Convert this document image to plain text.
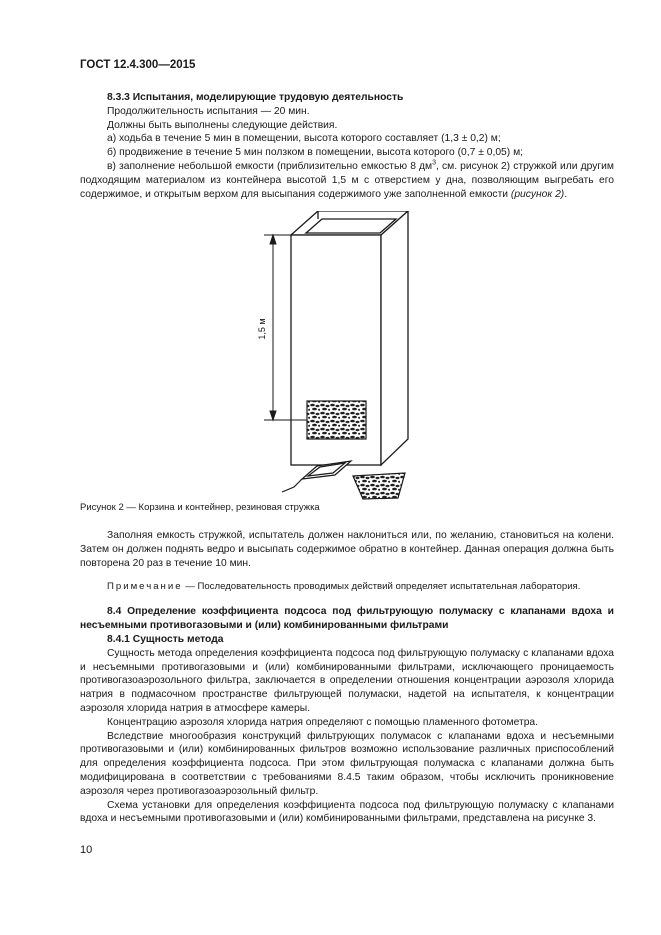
ГОСТ 12.4.300—2015

8.3.3 Испытания, моделирующие трудовую деятельность

Продолжительность испытания — 20 мин.

Должны быть выполнены следующие действия.

а) ходьба в течение 5 мин в помещении, высота которого составляет (1,3 ± 0,2) м;

б) продвижение в течение 5 мин ползком в помещении, высота которого (0,7 ± 0,05) м;

в) заполнение небольшой емкости (приблизительно емкостью 8 $дм^3$, см. рисунок 2) стружкой или другим подходящим материалом из контейнера высотой 1,5 м с отверстием у дна, позволяющим выгребать его содержимое, и открытым верхом для высыпания содержимого уже заполненной емкости (рисунок 2).

1,5 м

Рисунок 2 — Корзина и контейнер, резиновая стружка

Заполняя емкость стружкой, испытатель должен наклониться или, по желанию, становиться на колени. Затем он должен поднять ведро и высыпать содержимое обратно в контейнер. Данная операция должна быть повторена 20 раз в течение 10 мин.

Примечание — Последовательность проводимых действий определяет испытательная лаборатория.

8.4 Определение коэффициента подсоса под фильтрующую полумаску с клапанами вдоха и несъемными противогазовыми и (или) комбинированными фильтрами

8.4.1 Сущность метода

Сущность метода определения коэффициента подсоса под фильтрующую полумаску с клапанами вдоха и несъемными противогазовыми и (или) комбинированными фильтрами, исключающего проницаемость противогазоаэрозольного фильтра, заключается в определении отношения концентрации аэрозоля хлорида натрия в подмасочном пространстве фильтрующей полумаски, надетой на испытателя, к концентрации аэрозоля хлорида натрия в атмосфере камеры.

Концентрацию аэрозоля хлорида натрия определяют с помощью пламенного фотометра.

Вследствие многообразия конструкций фильтрующих полумасок с клапанами вдоха и несъемными противогазовыми и (или) комбинированных фильтров возможно использование различных приспособлений для определения коэффициента подсоса. При этом фильтрующая полумаска с клапанами должна быть модифицирована в соответствии с требованиями 8.4.5 таким образом, чтобы исключить проникновение аэрозоля через противогазоаэрозольный фильтр.

Схема установки для определения коэффициента подсоса под фильтрующую полумаску с клапанами вдоха и несъемными противогазовыми и (или) комбинированными фильтрами, представлена на рисунке 3.

10
